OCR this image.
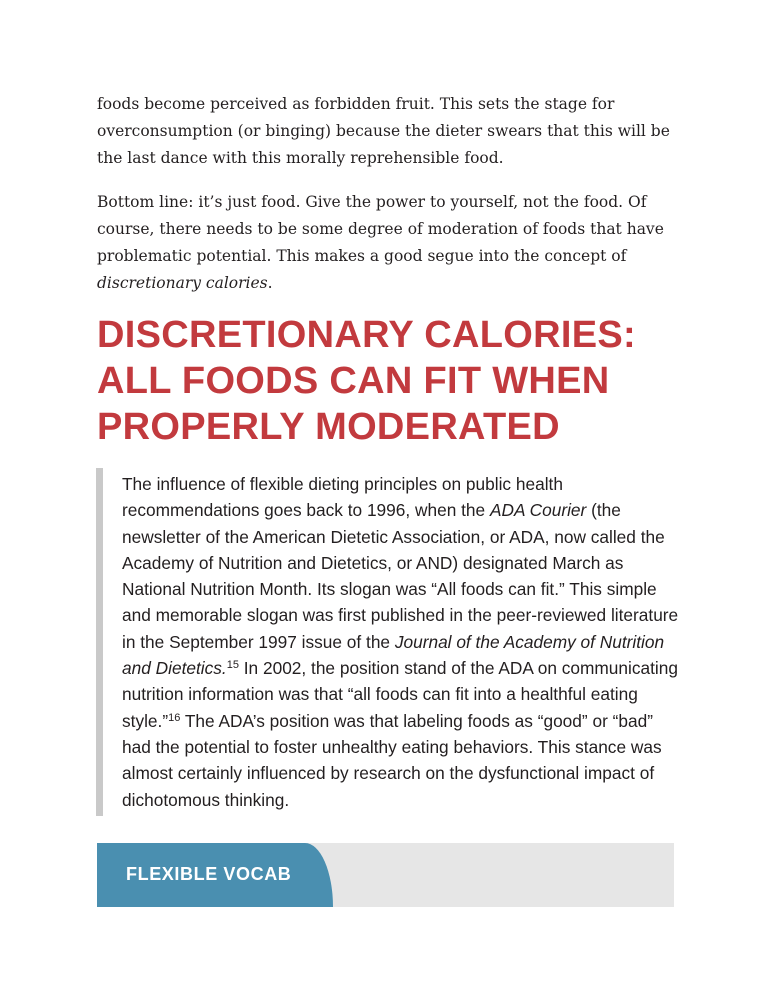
foods become perceived as forbidden fruit. This sets the stage for overconsumption (or binging) because the dieter swears that this will be the last dance with this morally reprehensible food.

Bottom line: it’s just food. Give the power to yourself, not the food. Of course, there needs to be some degree of moderation of foods that have problematic potential. This makes a good segue into the concept of discretionary calories.

DISCRETIONARY CALORIES:
ALL FOODS CAN FIT WHEN
PROPERLY MODERATED

The influence of flexible dieting principles on public health recommendations goes back to 1996, when the ADA Courier (the newsletter of the American Dietetic Association, or ADA, now called the Academy of Nutrition and Dietetics, or AND) designated March as National Nutrition Month. Its slogan was “All foods can fit.” This simple and memorable slogan was first published in the peer-reviewed literature in the September 1997 issue of the Journal of the Academy of Nutrition and Dietetics.$^{15}$ In 2002, the position stand of the ADA on communicating nutrition information was that “all foods can fit into a healthful eating style.”$^{16}$ The ADA’s position was that labeling foods as “good” or “bad” had the potential to foster unhealthy eating behaviors. This stance was almost certainly influenced by research on the dysfunctional impact of dichotomous thinking.

FLEXIBLE VOCAB
